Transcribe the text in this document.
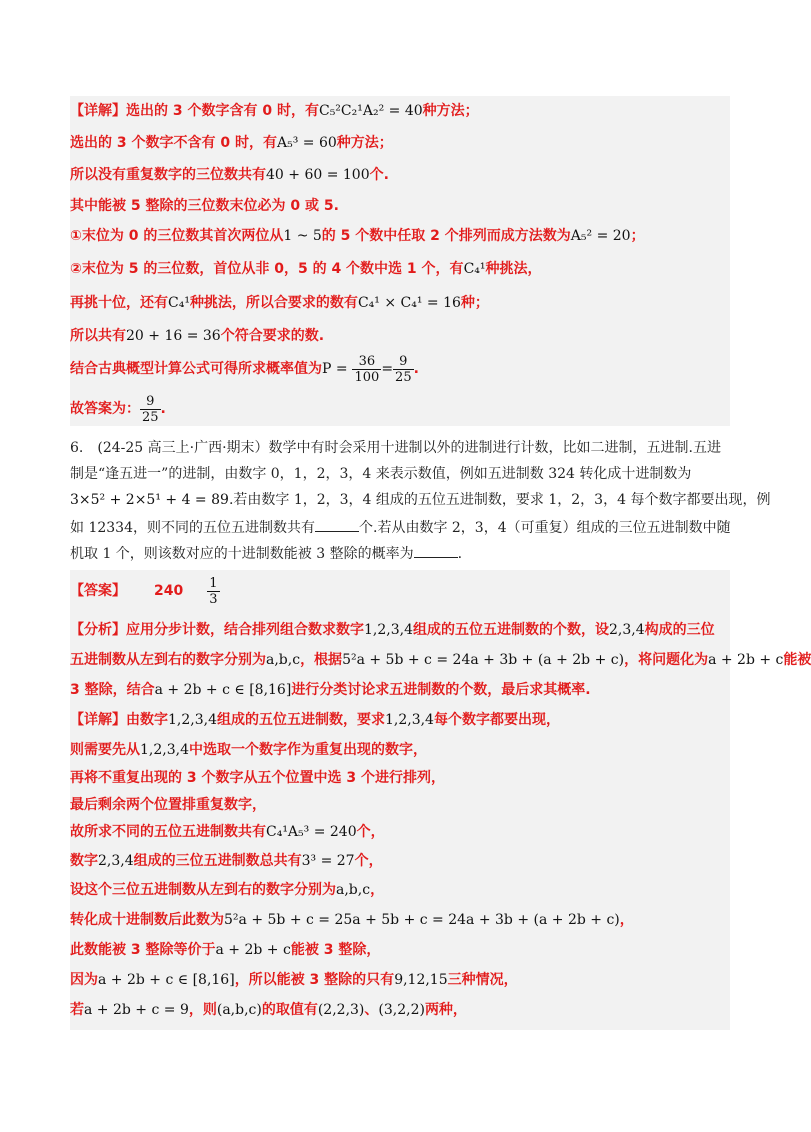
【详解】选出的 3 个数字含有 0 时，有C₅²C₂¹A₂² = 40种方法；
选出的 3 个数字不含有 0 时，有A₅³ = 60种方法；
所以没有重复数字的三位数共有40 + 60 = 100个.
其中能被 5 整除的三位数末位必为 0 或 5.
①末位为 0 的三位数其首次两位从1 ~ 5的 5 个数中任取 2 个排列而成方法数为A₅² = 20；
②末位为 5 的三位数，首位从非 0，5 的 4 个数中选 1 个，有C₄¹种挑法，
再挑十位，还有C₄¹种挑法，所以合要求的数有C₄¹ × C₄¹ = 16种；
所以共有20 + 16 = 36个符合要求的数.
结合古典概型计算公式可得所求概率值为$P = \frac{36}{100} = \frac{9}{25}$ .
故答案为： $\frac{9}{25}$ .
6.　(24-25 高三上·广西·期末）数学中有时会采用十进制以外的进制进行计数，比如二进制，五进制.五进
制是“逢五进一”的进制，由数字 0，1，2，3，4 来表示数值，例如五进制数 324 转化成十进制数为
3×5² + 2×5¹ + 4 = 89.若由数字 1，2，3，4 组成的五位五进制数，要求 1，2，3，4 每个数字都要出现，例
如 12334，则不同的五位五进制数共有	个.若从由数字 2，3，4（可重复）组成的三位五进制数中随
机取 1 个，则该数对应的十进制数能被 3 整除的概率为	.
【答案】 $240 \frac{1}{3}$
【分析】应用分步计数，结合排列组合数求数字1,2,3,4组成的五位五进制数的个数，设2,3,4构成的三位
五进制数从左到右的数字分别为a,b,c，根据5²a + 5b + c = 24a + 3b + (a + 2b + c)，将问题化为a + 2b + c能被
3 整除，结合a + 2b + c ∈ [8,16]进行分类讨论求五进制数的个数，最后求其概率.
【详解】由数字1,2,3,4组成的五位五进制数，要求1,2,3,4每个数字都要出现，
则需要先从1,2,3,4中选取一个数字作为重复出现的数字，
再将不重复出现的 3 个数字从五个位置中选 3 个进行排列，
最后剩余两个位置排重复数字，
故所求不同的五位五进制数共有C₄¹A₅³ = 240个，
数字2,3,4组成的三位五进制数总共有3³ = 27个，
设这个三位五进制数从左到右的数字分别为a,b,c，
转化成十进制数后此数为5²a + 5b + c = 25a + 5b + c = 24a + 3b + (a + 2b + c)，
此数能被 3 整除等价于a + 2b + c能被 3 整除，
因为a + 2b + c ∈ [8,16]，所以能被 3 整除的只有9,12,15三种情况，
若a + 2b + c = 9，则(a,b,c)的取值有(2,2,3)、(3,2,2)两种，
